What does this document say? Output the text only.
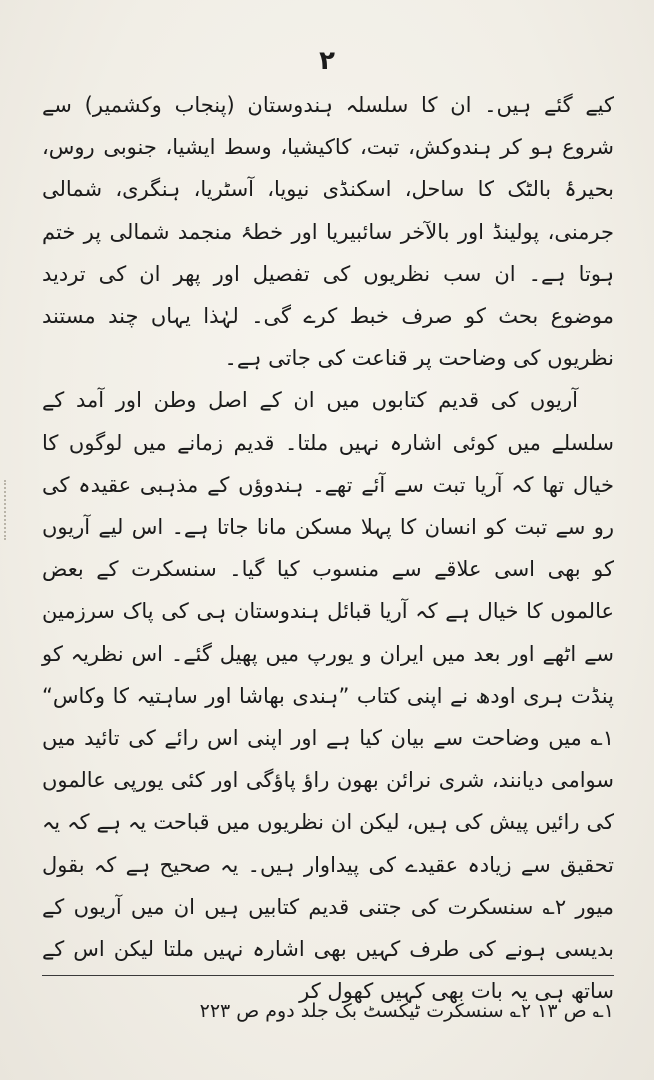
۲

کیے گئے ہیں۔ ان کا سلسلہ ہندوستان (پنجاب وکشمیر) سے شروع ہو کر ہندوکش، تبت، کاکیشیا، وسط ایشیا، جنوبی روس، بحیرۂ بالٹک کا ساحل، اسکنڈی نیویا، آسٹریا، ہنگری، شمالی جرمنی، پولینڈ اور بالآخر سائبیریا اور خطۂ منجمد شمالی پر ختم ہوتا ہے۔ ان سب نظریوں کی تفصیل اور پھر ان کی تردید موضوع بحث کو صرف خبط کرے گی۔ لہٰذا یہاں چند مستند نظریوں کی وضاحت پر قناعت کی جاتی ہے۔

آریوں کی قدیم کتابوں میں ان کے اصل وطن اور آمد کے سلسلے میں کوئی اشارہ نہیں ملتا۔ قدیم زمانے میں لوگوں کا خیال تھا کہ آریا تبت سے آئے تھے۔ ہندوؤں کے مذہبی عقیدہ کی رو سے تبت کو انسان کا پہلا مسکن مانا جاتا ہے۔ اس لیے آریوں کو بھی اسی علاقے سے منسوب کیا گیا۔ سنسکرت کے بعض عالموں کا خیال ہے کہ آریا قبائل ہندوستان ہی کی پاک سرزمین سے اٹھے اور بعد میں ایران و یورپ میں پھیل گئے۔ اس نظریہ کو پنڈت ہری اودھ نے اپنی کتاب ”ہندی بھاشا اور ساہتیہ کا وکاس“ ۱؎ میں وضاحت سے بیان کیا ہے اور اپنی اس رائے کی تائید میں سوامی دیانند، شری نرائن بھون راؤ پاؤگی اور کئی یورپی عالموں کی رائیں پیش کی ہیں، لیکن ان نظریوں میں قباحت یہ ہے کہ یہ تحقیق سے زیادہ عقیدے کی پیداوار ہیں۔ یہ صحیح ہے کہ بقول میور ۲؎ سنسکرت کی جتنی قدیم کتابیں ہیں ان میں آریوں کے بدیسی ہونے کی طرف کہیں بھی اشارہ نہیں ملتا لیکن اس کے ساتھ ہی یہ بات بھی کہیں کھول کر

۱؎ ص ۱۳ ۲؎ سنسکرت ٹیکسٹ بک جلد دوم ص ۲۲۳
